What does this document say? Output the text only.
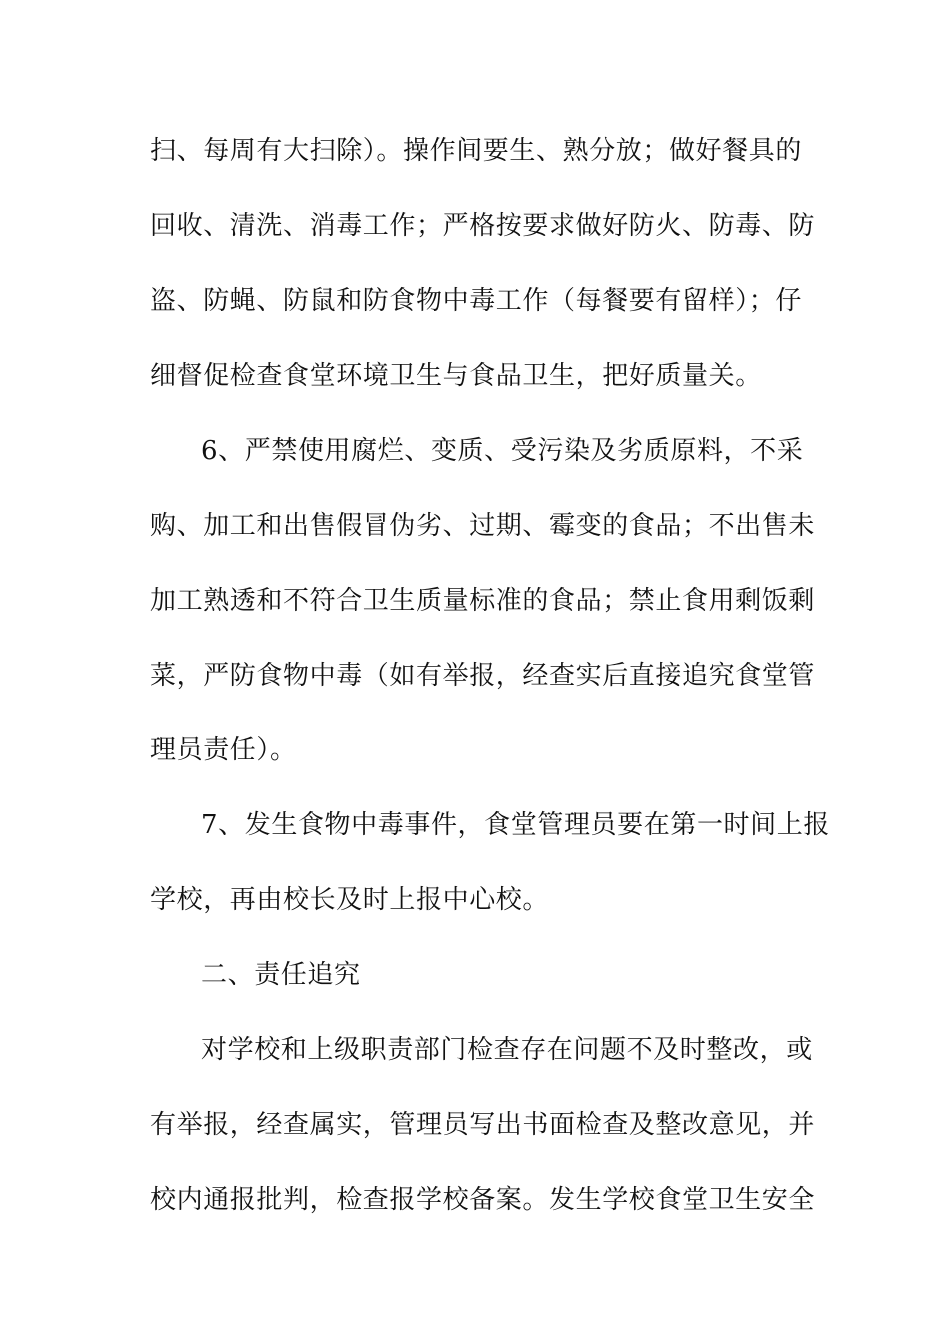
扫、每周有大扫除）。操作间要生、熟分放；做好餐具的
回收、清洗、消毒工作；严格按要求做好防火、防毒、防
盗、防蝇、防鼠和防食物中毒工作（每餐要有留样）；仔
细督促检查食堂环境卫生与食品卫生，把好质量关。
6、严禁使用腐烂、变质、受污染及劣质原料，不采
购、加工和出售假冒伪劣、过期、霉变的食品；不出售未
加工熟透和不符合卫生质量标准的食品；禁止食用剩饭剩
菜，严防食物中毒（如有举报，经查实后直接追究食堂管
理员责任）。
7、发生食物中毒事件，食堂管理员要在第一时间上报
学校，再由校长及时上报中心校。
二、责任追究
对学校和上级职责部门检查存在问题不及时整改，或
有举报，经查属实，管理员写出书面检查及整改意见，并
校内通报批判，检查报学校备案。发生学校食堂卫生安全
